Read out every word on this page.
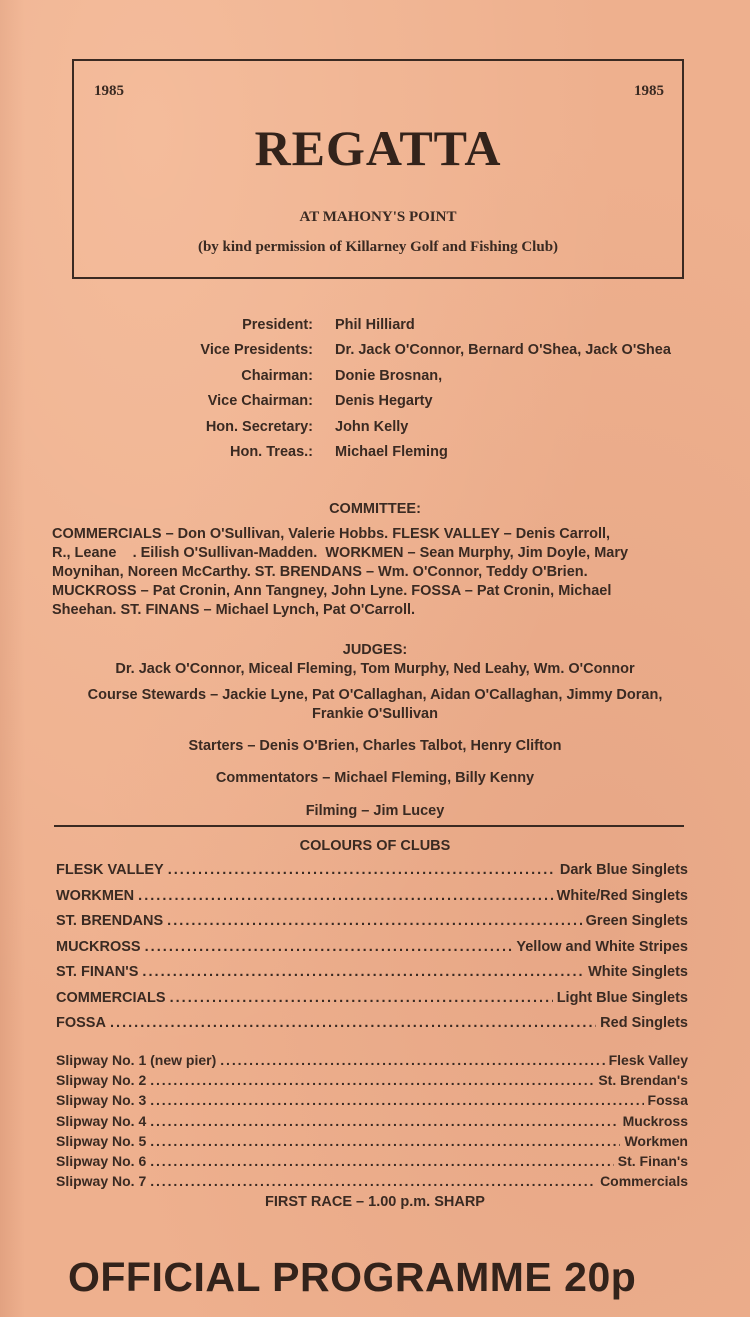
1985	1985
REGATTA
AT MAHONY'S POINT
(by kind permission of Killarney Golf and Fishing Club)
President:	Phil Hilliard
Vice Presidents:	Dr. Jack O'Connor, Bernard O'Shea, Jack O'Shea
Chairman:	Donie Brosnan,
Vice Chairman:	Denis Hegarty
Hon. Secretary:	John Kelly
Hon. Treas.:	Michael Fleming
COMMITTEE:
COMMERCIALS – Don O'Sullivan, Valerie Hobbs. FLESK VALLEY – Denis Carroll,
R., Leane    . Eilish O'Sullivan-Madden.  WORKMEN – Sean Murphy, Jim Doyle, Mary
Moynihan, Noreen McCarthy. ST. BRENDANS – Wm. O'Connor, Teddy O'Brien.
MUCKROSS – Pat Cronin, Ann Tangney, John Lyne. FOSSA – Pat Cronin, Michael
Sheehan. ST. FINANS – Michael Lynch, Pat O'Carroll.
JUDGES:
Dr. Jack O'Connor, Miceal Fleming, Tom Murphy, Ned Leahy, Wm. O'Connor
Course Stewards – Jackie Lyne, Pat O'Callaghan, Aidan O'Callaghan, Jimmy Doran,
Frankie O'Sullivan
Starters – Denis O'Brien, Charles Talbot, Henry Clifton
Commentators – Michael Fleming, Billy Kenny
Filming – Jim Lucey
COLOURS OF CLUBS
FLESK VALLEY . . .	Dark Blue Singlets
WORKMEN . . .	White/Red Singlets
ST. BRENDANS . . .	Green Singlets
MUCKROSS . . .	Yellow and White Stripes
ST. FINAN'S . . .	White Singlets
COMMERCIALS . . .	Light Blue Singlets
FOSSA . . .	Red Singlets
Slipway No. 1 (new pier) . . .	Flesk Valley
Slipway No. 2 . . .	St. Brendan's
Slipway No. 3 . . .	Fossa
Slipway No. 4 . . .	Muckross
Slipway No. 5 . . .	Workmen
Slipway No. 6 . . .	St. Finan's
Slipway No. 7 . . .	Commercials
FIRST RACE – 1.00 p.m. SHARP
OFFICIAL PROGRAMME 20p
